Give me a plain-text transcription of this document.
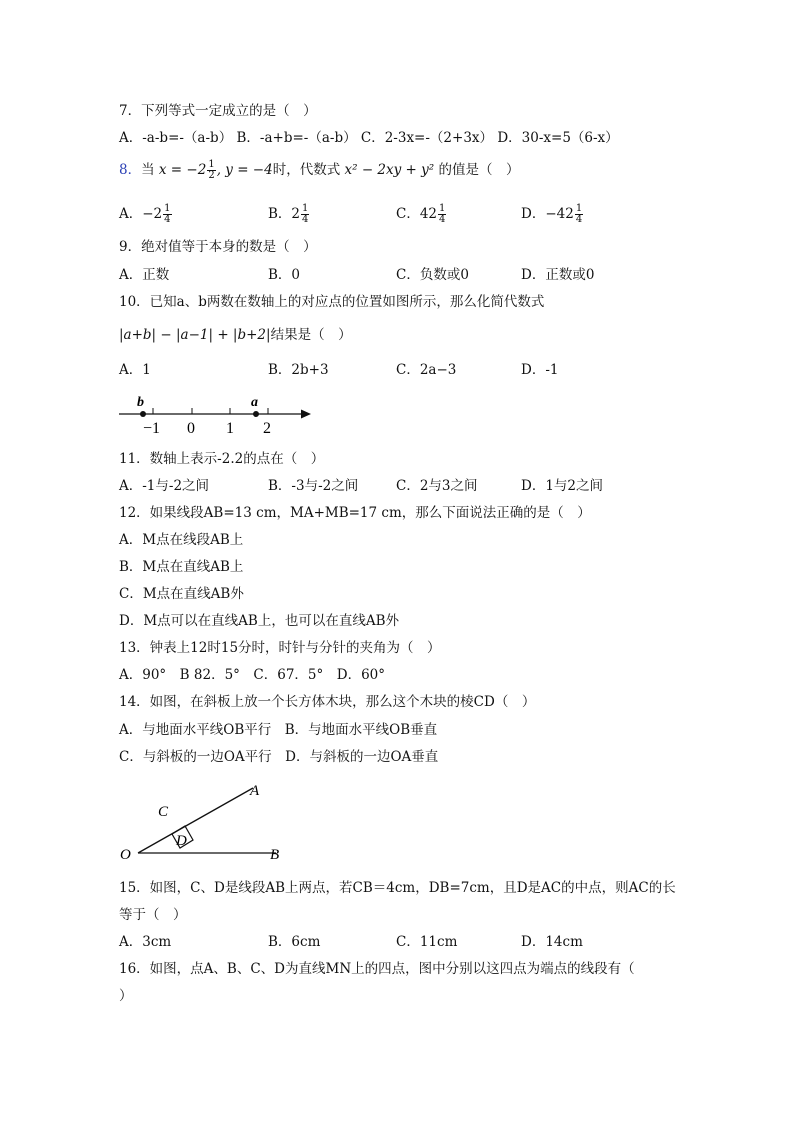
7．下列等式一定成立的是（　）
A．-a-b=-（a-b） B．-a+b=-（a-b） C．2-3x=-（2+3x） D．30-x=5（6-x）
8．当 $x = -2 \frac{1}{2}$ , y = −4时，代数式 x² − 2xy + y² 的值是（　）
A．$-2 \frac{1}{4}$	B．$2 \frac{1}{4}$	C．$42 \frac{1}{4}$	D．$-42 \frac{1}{4}$
9．绝对值等于本身的数是（　）
A．正数	B．0	C．负数或0	D．正数或0
10．已知a、b两数在数轴上的对应点的位置如图所示，那么化简代数式
|a+b| − |a−1| + |b+2|结果是（　）
A．1	B．2b+3	C．2a−3	D．-1
b	a
−1 0 1 2
11．数轴上表示-2.2的点在（　）
A．-1与-2之间	B．-3与-2之间	C．2与3之间	D．1与2之间
12．如果线段AB=13 cm，MA+MB=17 cm，那么下面说法正确的是（　）
A．M点在线段AB上
B．M点在直线AB上
C．M点在直线AB外
D．M点可以在直线AB上，也可以在直线AB外
13．钟表上12时15分时，时针与分针的夹角为（　）
A．90°　B 82．5°　C．67．5°　D．60°
14．如图，在斜板上放一个长方体木块，那么这个木块的棱CD（　）
A．与地面水平线OB平行　B．与地面水平线OB垂直
C．与斜板的一边OA平行　D．与斜板的一边OA垂直
O	B
A
C
D
15．如图，C、D是线段AB上两点，若CB＝4cm，DB=7cm，且D是AC的中点，则AC的长
等于（　）
A．3cm	B．6cm	C．11cm	D．14cm
16．如图，点A、B、C、D为直线MN上的四点，图中分别以这四点为端点的线段有（
）
